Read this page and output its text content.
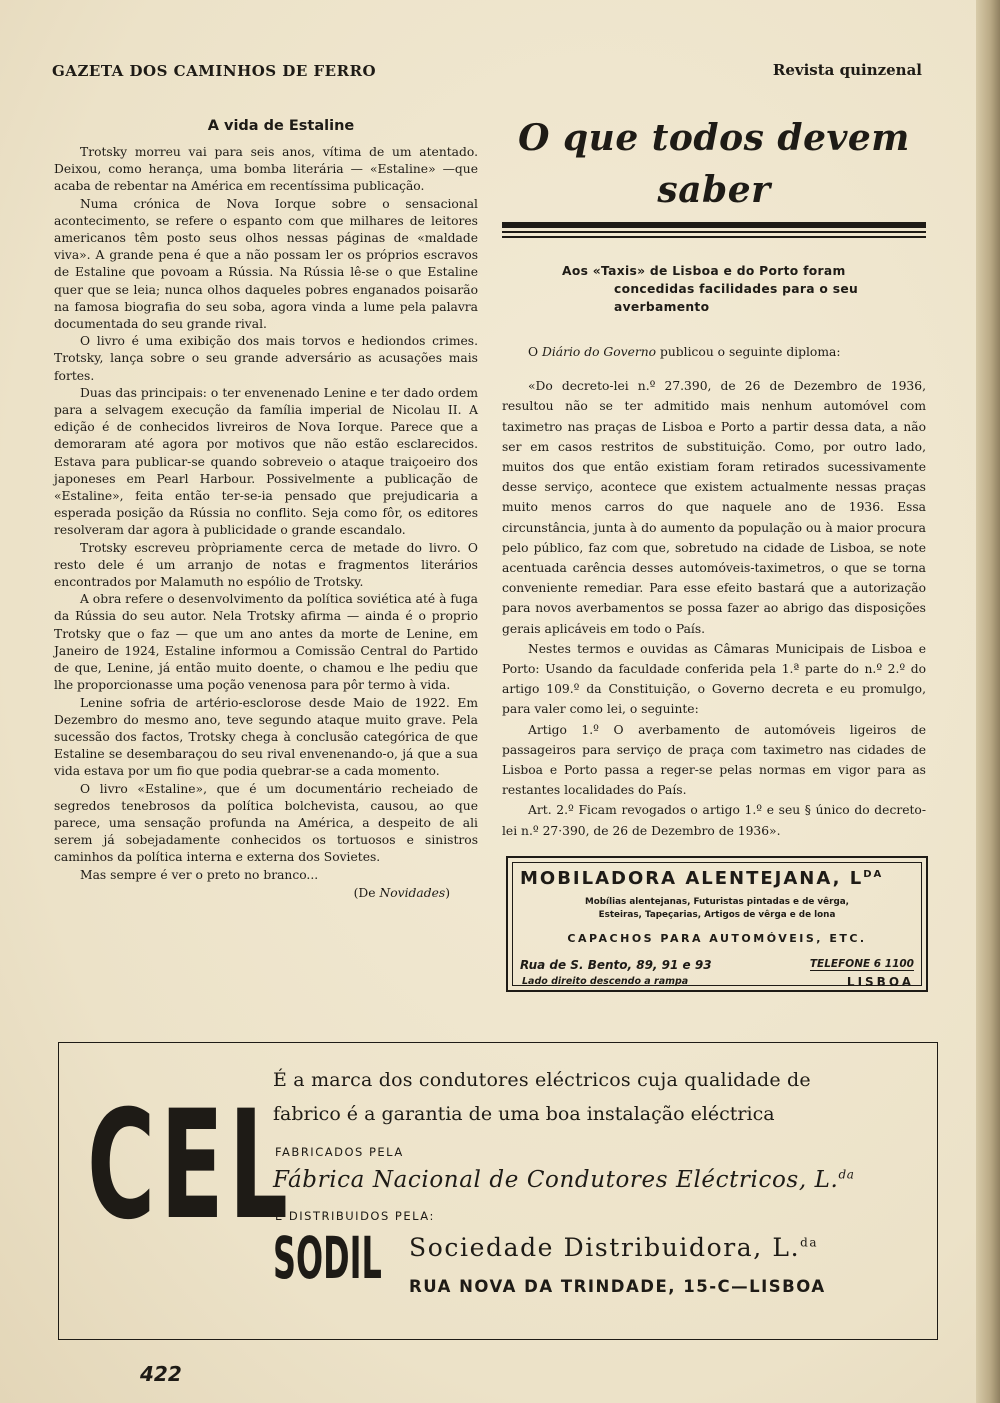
GAZETA DOS CAMINHOS DE FERRO	Revista quinzenal
A vida de Estaline

Trotsky morreu vai para seis anos, vítima de um atentado. Deixou, como herança, uma bomba literária — «Estaline» —que acaba de rebentar na América em recentíssima publicação.

Numa crónica de Nova Iorque sobre o sensacional acontecimento, se refere o espanto com que milhares de leitores americanos têm posto seus olhos nessas páginas de «maldade viva». A grande pena é que a não possam ler os próprios escravos de Estaline que povoam a Rússia. Na Rússia lê-se o que Estaline quer que se leia; nunca olhos daqueles pobres enganados poisarão na famosa biografia do seu soba, agora vinda a lume pela palavra documentada do seu grande rival.

O livro é uma exibição dos mais torvos e hediondos crimes. Trotsky, lança sobre o seu grande adversário as acusações mais fortes.

Duas das principais: o ter envenenado Lenine e ter dado ordem para a selvagem execução da família imperial de Nicolau II. A edição é de conhecidos livreiros de Nova Iorque. Parece que a demoraram até agora por motivos que não estão esclarecidos. Estava para publicar-se quando sobreveio o ataque traiçoeiro dos japoneses em Pearl Harbour. Possivelmente a publicação de «Estaline», feita então ter-se-ia pensado que prejudicaria a esperada posição da Rússia no conflito. Seja como fôr, os editores resolveram dar agora à publicidade o grande escandalo.

Trotsky escreveu pròpriamente cerca de metade do livro. O resto dele é um arranjo de notas e fragmentos literários encontrados por Malamuth no espólio de Trotsky.

A obra refere o desenvolvimento da política soviética até à fuga da Rússia do seu autor. Nela Trotsky afirma — ainda é o proprio Trotsky que o faz — que um ano antes da morte de Lenine, em Janeiro de 1924, Estaline informou a Comissão Central do Partido de que, Lenine, já então muito doente, o chamou e lhe pediu que lhe proporcionasse uma poção venenosa para pôr termo à vida.

Lenine sofria de artério-esclorose desde Maio de 1922. Em Dezembro do mesmo ano, teve segundo ataque muito grave. Pela sucessão dos factos, Trotsky chega à conclusão categórica de que Estaline se desembaraçou do seu rival envenenando-o, já que a sua vida estava por um fio que podia quebrar-se a cada momento.

O livro «Estaline», que é um documentário recheiado de segredos tenebrosos da política bolchevista, causou, ao que parece, uma sensação profunda na América, a despeito de ali serem já sobejadamente conhecidos os tortuosos e sinistros caminhos da política interna e externa dos Sovietes.

Mas sempre é ver o preto no branco...

(De Novidades)
O que todos devem saber
Aos «Taxis» de Lisboa e do Porto foram
concedidas facilidades para o seu averbamento

O Diário do Governo publicou o seguinte diploma:

«Do decreto-lei n.º 27.390, de 26 de Dezembro de 1936, resultou não se ter admitido mais nenhum automóvel com taximetro nas praças de Lisboa e Porto a partir dessa data, a não ser em casos restritos de substituição. Como, por outro lado, muitos dos que então existiam foram retirados sucessivamente desse serviço, acontece que existem actualmente nessas praças muito menos carros do que naquele ano de 1936. Essa circunstância, junta à do aumento da população ou à maior procura pelo público, faz com que, sobretudo na cidade de Lisboa, se note acentuada carência desses automóveis-taximetros, o que se torna conveniente remediar. Para esse efeito bastará que a autorização para novos averbamentos se possa fazer ao abrigo das disposições gerais aplicáveis em todo o País.

Nestes termos e ouvidas as Câmaras Municipais de Lisboa e Porto: Usando da faculdade conferida pela 1.ª parte do n.º 2.º do artigo 109.º da Constituição, o Governo decreta e eu promulgo, para valer como lei, o seguinte:

Artigo 1.º O averbamento de automóveis ligeiros de passageiros para serviço de praça com taximetro nas cidades de Lisboa e Porto passa a reger-se pelas normas em vigor para as restantes localidades do País.

Art. 2.º Ficam revogados o artigo 1.º e seu § único do decreto-lei n.º 27·390, de 26 de Dezembro de 1936».

MOBILADORA ALENTEJANA, $L^{DA}$
Mobílias alentejanas, Futuristas pintadas e de vêrga,
Esteiras, Tapeçarias, Artigos de vêrga e de lona
CAPACHOS PARA AUTOMÓVEIS, ETC.
Rua de S. Bento, 89, 91 e 93
Lado direito descendo a rampa
TELEFONE 6 1100
LISBOA
CEL
É a marca dos condutores eléctricos cuja qualidade de
fabrico é a garantia de uma boa instalação eléctrica
FABRICADOS PELA
Fábrica Nacional de Condutores Eléctricos, L.$^{da}$
E DISTRIBUIDOS PELA:
SODIL Sociedade Distribuidora, L.$^{da}$
RUA NOVA DA TRINDADE, 15-C—LISBOA
422
